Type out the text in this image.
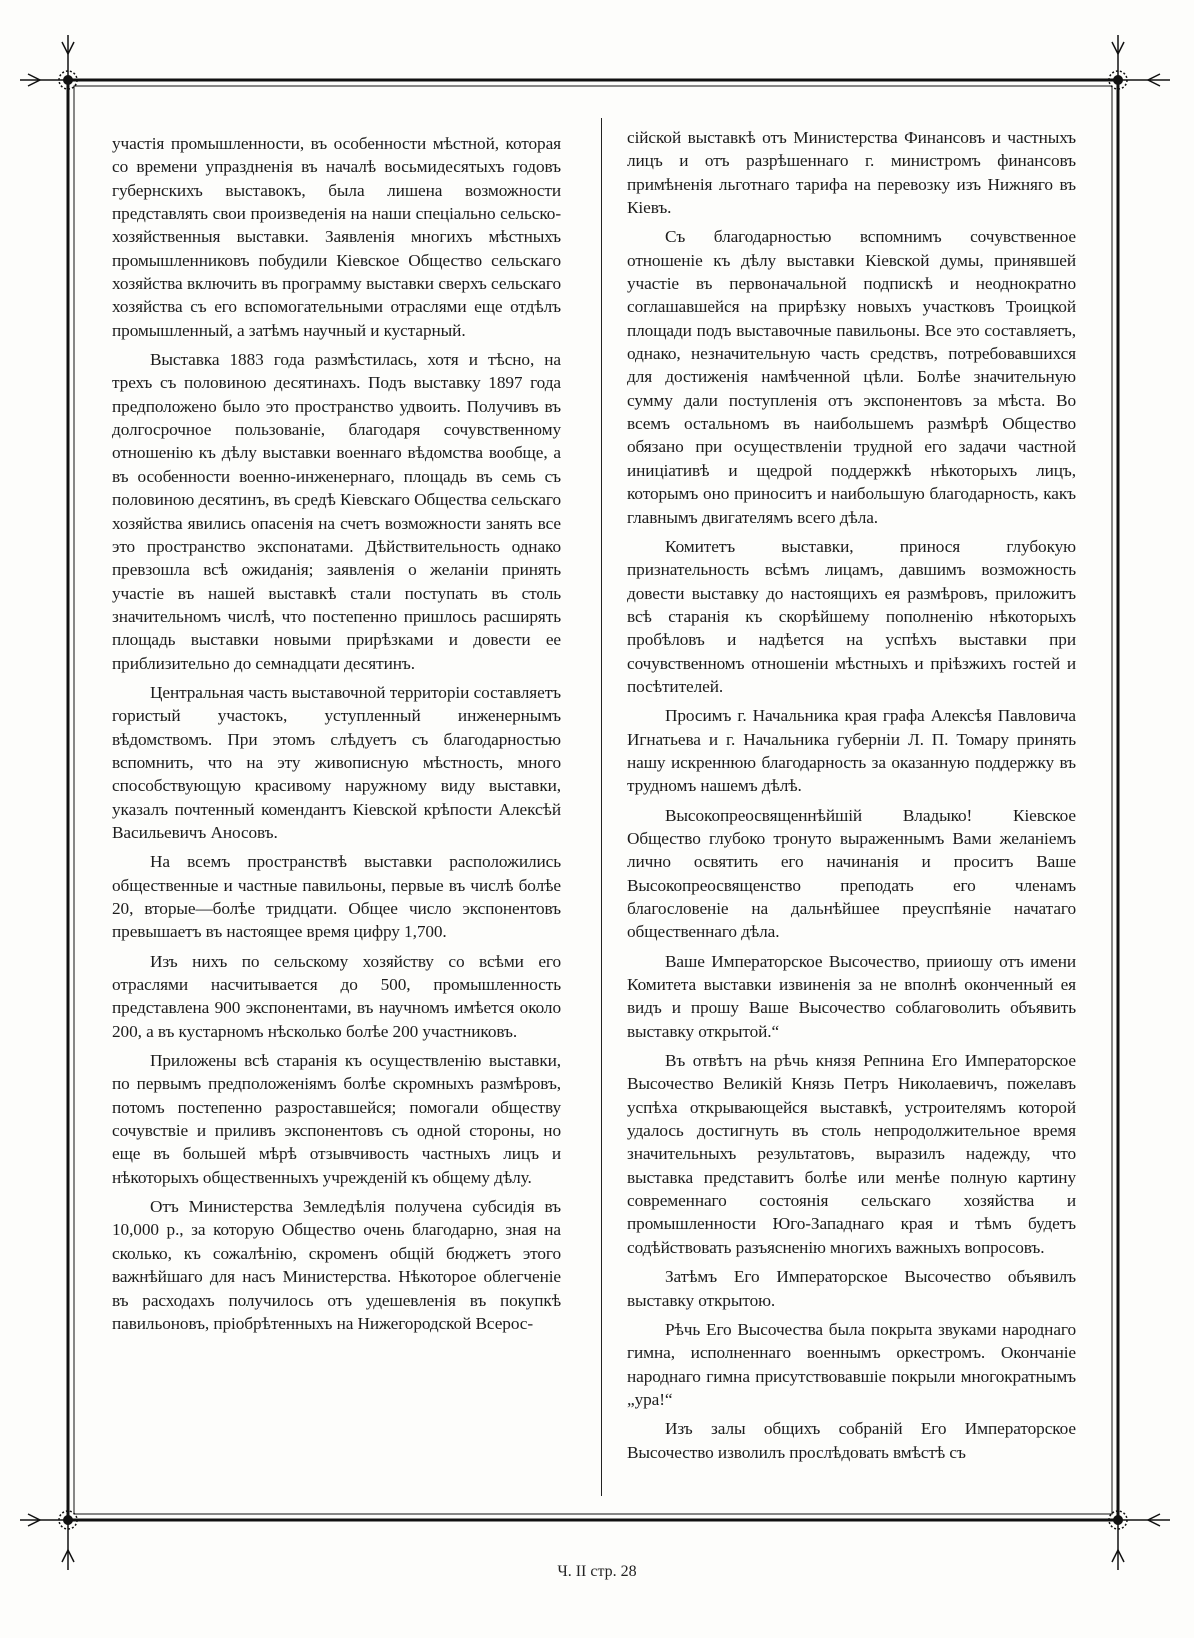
участія промышленности, въ особенности мѣстной, которая со времени упраздненія въ началѣ восьмидесятыхъ годовъ губернскихъ выставокъ, была лишена возможности представлять свои произведенія на наши спеціально сельско-хозяйственныя выставки. Заявленія многихъ мѣстныхъ промышленниковъ побудили Кіевское Общество сельскаго хозяйства включить въ программу выставки сверхъ сельскаго хозяйства съ его вспомогательными отраслями еще отдѣлъ промышленный, а затѣмъ научный и кустарный.

Выставка 1883 года размѣстилась, хотя и тѣсно, на трехъ съ половиною десятинахъ. Подъ выставку 1897 года предположено было это пространство удвоить. Получивъ въ долгосрочное пользованіе, благодаря сочувственному отношенію къ дѣлу выставки военнаго вѣдомства вообще, а въ особенности военно-инженернаго, площадь въ семь съ половиною десятинъ, въ средѣ Кіевскаго Общества сельскаго хозяйства явились опасенія на счетъ возможности занять все это пространство экспонатами. Дѣйствительность однако превзошла всѣ ожиданія; заявленія о желаніи принять участіе въ нашей выставкѣ стали поступать въ столь значительномъ числѣ, что постепенно пришлось расширять площадь выставки новыми прирѣзками и довести ее приблизительно до семнадцати десятинъ.

Центральная часть выставочной территоріи составляетъ гористый участокъ, уступленный инженернымъ вѣдомствомъ. При этомъ слѣдуетъ съ благодарностью вспомнить, что на эту живописную мѣстность, много способствующую красивому наружному виду выставки, указалъ почтенный комендантъ Кіевской крѣпости Алексѣй Васильевичъ Аносовъ.

На всемъ пространствѣ выставки расположились общественные и частные павильоны, первые въ числѣ болѣе 20, вторые—болѣе тридцати. Общее число экспонентовъ превышаетъ въ настоящее время цифру 1,700.

Изъ нихъ по сельскому хозяйству со всѣми его отраслями насчитывается до 500, промышленность представлена 900 экспонентами, въ научномъ имѣется около 200, а въ кустарномъ нѣсколько болѣе 200 участниковъ.

Приложены всѣ старанія къ осуществленію выставки, по первымъ предположеніямъ болѣе скромныхъ размѣровъ, потомъ постепенно разроставшейся; помогали обществу сочувствіе и приливъ экспонентовъ съ одной стороны, но еще въ большей мѣрѣ отзывчивость частныхъ лицъ и нѣкоторыхъ общественныхъ учрежденій къ общему дѣлу.

Отъ Министерства Земледѣлія получена субсидія въ 10,000 р., за которую Общество очень благодарно, зная на сколько, къ сожалѣнію, скроменъ общій бюджетъ этого важнѣйшаго для насъ Министерства. Нѣкоторое облегченіе въ расходахъ получилось отъ удешевленія въ покупкѣ павильоновъ, пріобрѣтенныхъ на Нижегородской Всерос-

сійской выставкѣ отъ Министерства Финансовъ и частныхъ лицъ и отъ разрѣшеннаго г. министромъ финансовъ примѣненія льготнаго тарифа на перевозку изъ Нижняго въ Кіевъ.

Съ благодарностью вспомнимъ сочувственное отношеніе къ дѣлу выставки Кіевской думы, принявшей участіе въ первоначальной подпискѣ и неоднократно соглашавшейся на прирѣзку новыхъ участковъ Троицкой площади подъ выставочные павильоны. Все это составляетъ, однако, незначительную часть средствъ, потребовавшихся для достиженія намѣченной цѣли. Болѣе значительную сумму дали поступленія отъ экспонентовъ за мѣста. Во всемъ остальномъ въ наибольшемъ размѣрѣ Общество обязано при осуществленіи трудной его задачи частной иниціативѣ и щедрой поддержкѣ нѣкоторыхъ лицъ, которымъ оно приноситъ и наибольшую благодарность, какъ главнымъ двигателямъ всего дѣла.

Комитетъ выставки, принося глубокую признательность всѣмъ лицамъ, давшимъ возможность довести выставку до настоящихъ ея размѣровъ, приложитъ всѣ старанія къ скорѣйшему пополненію нѣкоторыхъ пробѣловъ и надѣется на успѣхъ выставки при сочувственномъ отношеніи мѣстныхъ и пріѣзжихъ гостей и посѣтителей.

Просимъ г. Начальника края графа Алексѣя Павловича Игнатьева и г. Начальника губерніи Л. П. Томару принять нашу искреннюю благодарность за оказанную поддержку въ трудномъ нашемъ дѣлѣ.

Высокопреосвященнѣйшій Владыко! Кіевское Общество глубоко тронуто выраженнымъ Вами желаніемъ лично освятить его начинанія и проситъ Ваше Высокопреосвященство преподать его членамъ благословеніе на дальнѣйшее преуспѣяніе начатаго общественнаго дѣла.

Ваше Императорское Высочество, прииошу отъ имени Комитета выставки извиненія за не вполнѣ оконченный ея видъ и прошу Ваше Высочество соблаговолить объявить выставку открытой.“

Въ отвѣтъ на рѣчь князя Репнина Его Императорское Высочество Великій Князь Петръ Николаевичъ, пожелавъ успѣха открывающейся выставкѣ, устроителямъ которой удалось достигнуть въ столь непродолжительное время значительныхъ результатовъ, выразилъ надежду, что выставка представитъ болѣе или менѣе полную картину современнаго состоянія сельскаго хозяйства и промышленности Юго-Западнаго края и тѣмъ будетъ содѣйствовать разъясненію многихъ важныхъ вопросовъ.

Затѣмъ Его Императорское Высочество объявилъ выставку открытою.

Рѣчь Его Высочества была покрыта звуками народнаго гимна, исполненнаго военнымъ оркестромъ. Окончаніе народнаго гимна присутствовавшіе покрыли многократнымъ „ура!“

Изъ залы общихъ собраній Его Императорское Высочество изволилъ прослѣдовать вмѣстѣ съ

Ч. II стр. 28
